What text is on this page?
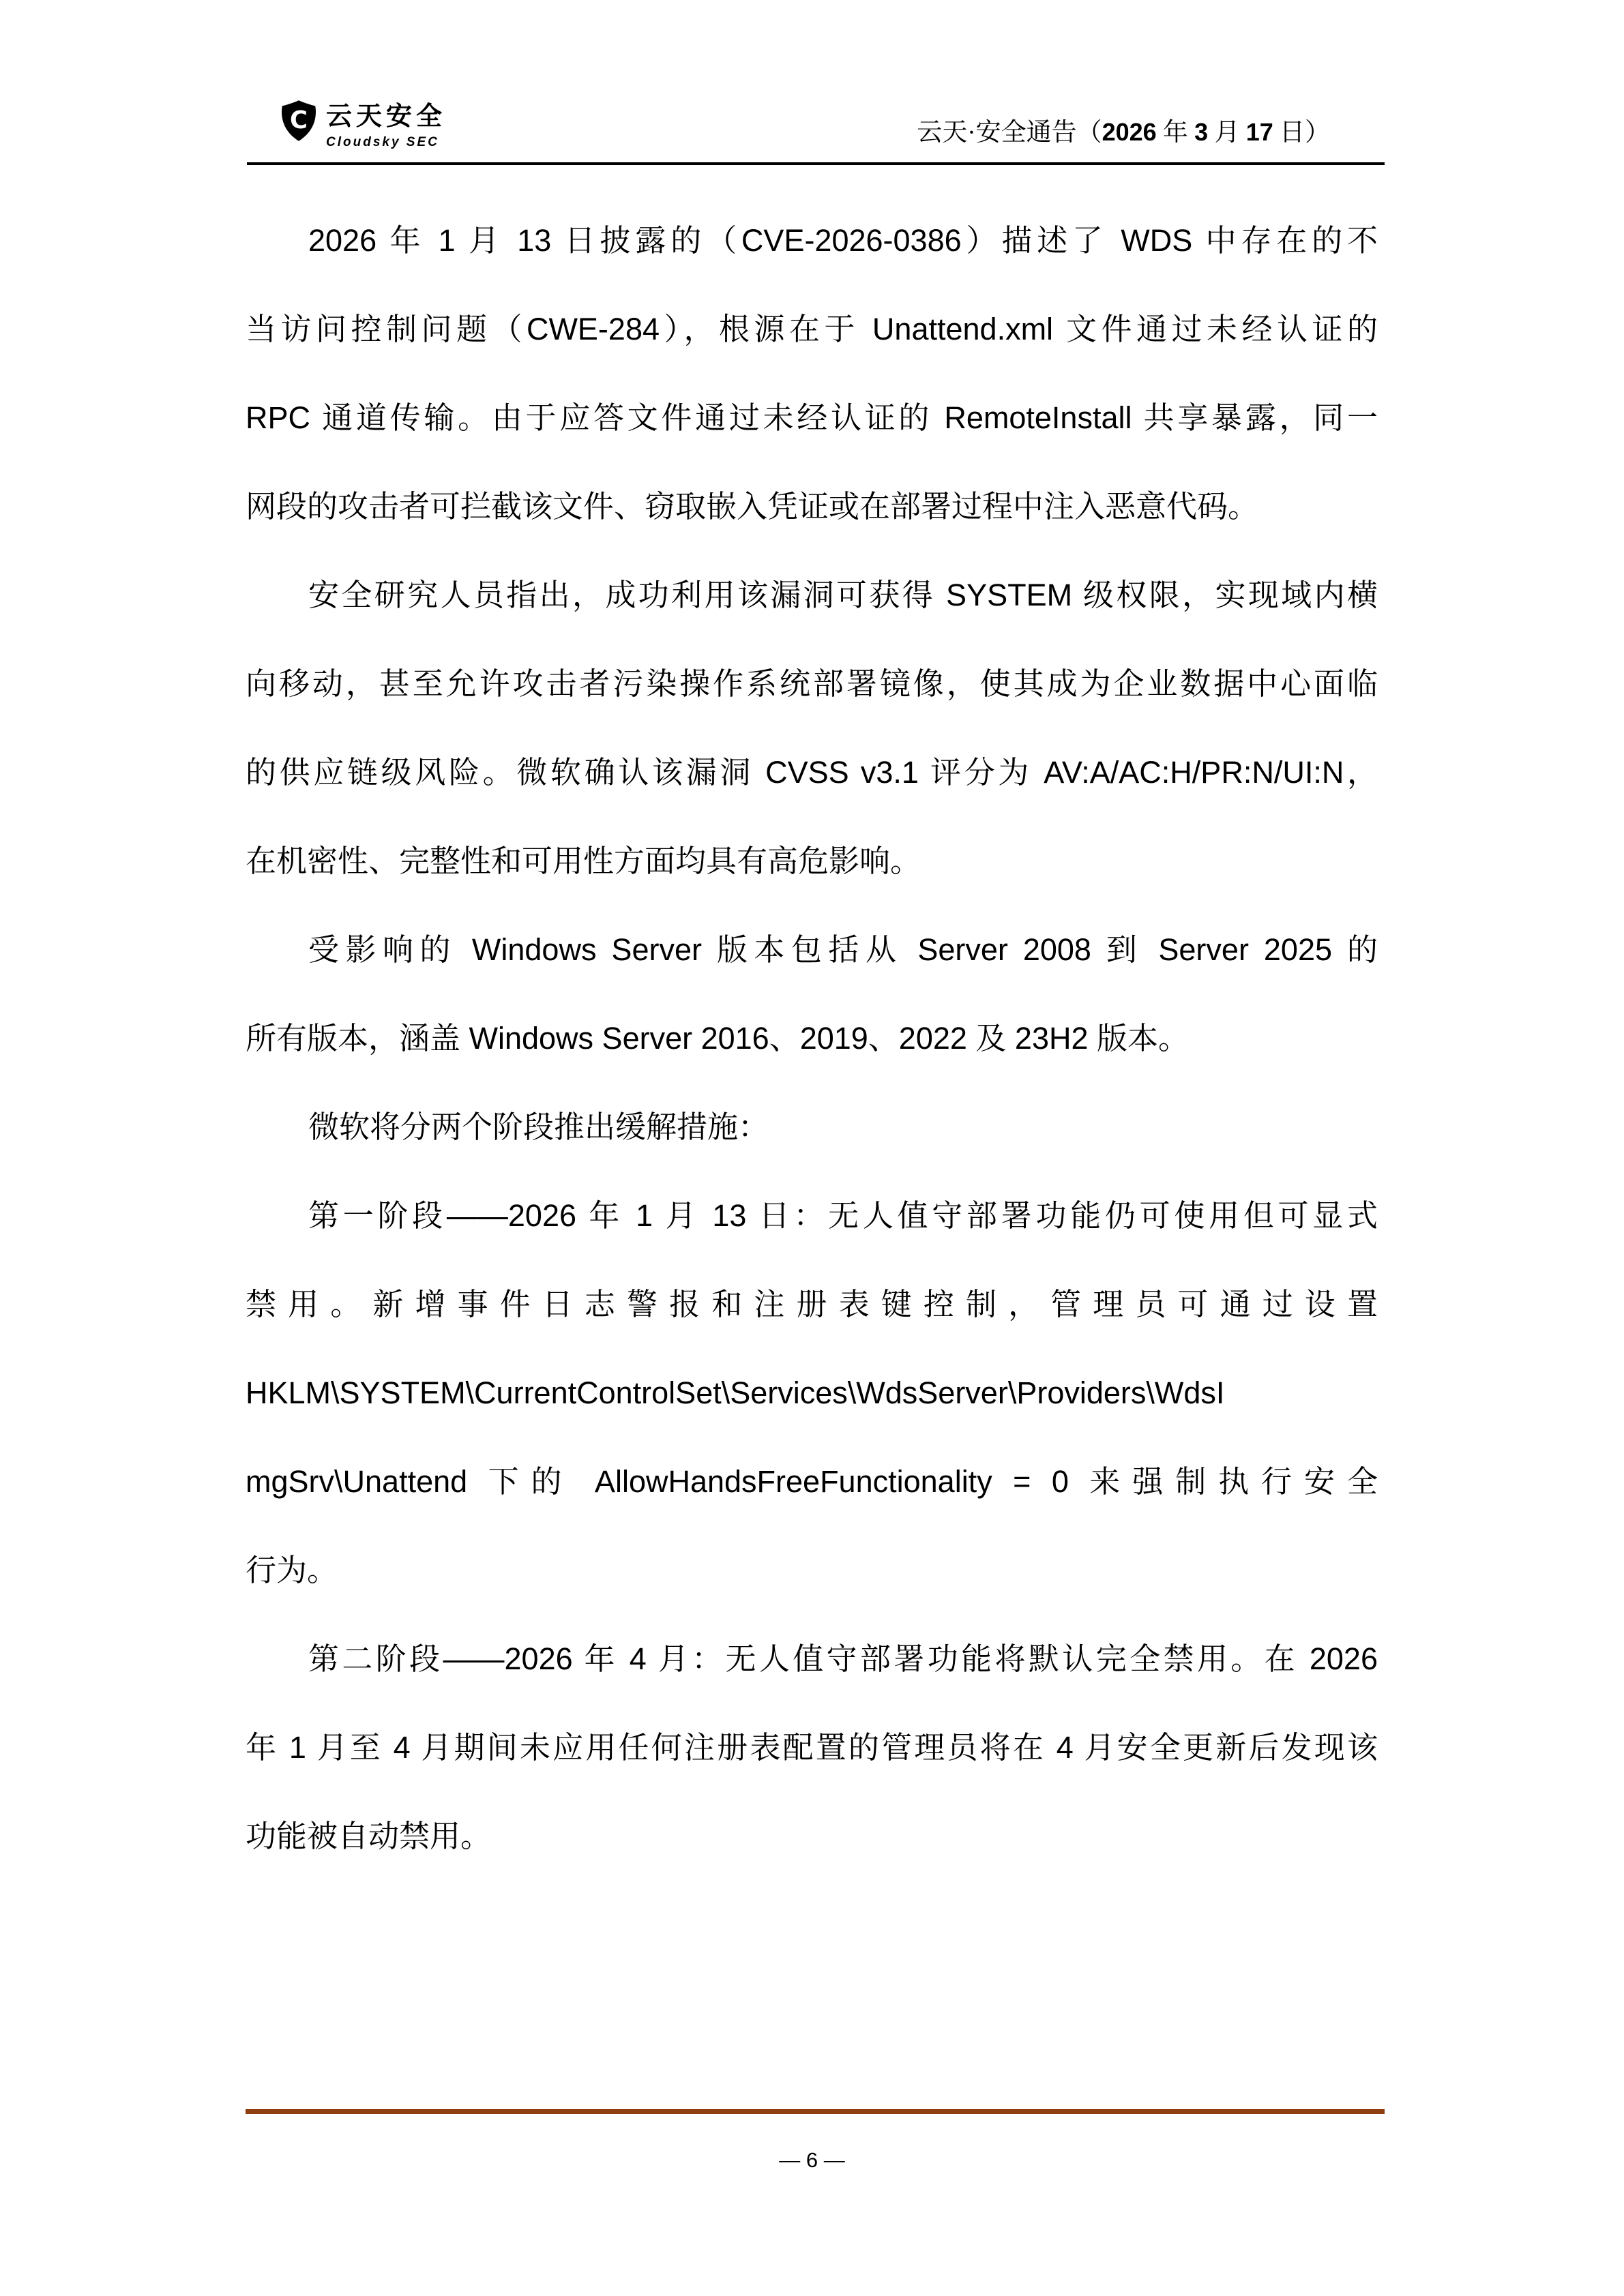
C 云天安全
Cloudsky SEC	云天·安全通告（2026 年 3 月 17 日）
2026 年 1 月 13 日披露的（CVE-2026-0386）描述了 WDS 中存在的不
当访问控制问题（CWE-284），根源在于 Unattend.xml 文件通过未经认证的
RPC 通道传输。由于应答文件通过未经认证的 RemoteInstall 共享暴露，同一
网段的攻击者可拦截该文件、窃取嵌入凭证或在部署过程中注入恶意代码。
安全研究人员指出，成功利用该漏洞可获得 SYSTEM 级权限，实现域内横
向移动，甚至允许攻击者污染操作系统部署镜像，使其成为企业数据中心面临
的供应链级风险。微软确认该漏洞 CVSS v3.1 评分为 AV:A/AC:H/PR:N/UI:N，
在机密性、完整性和可用性方面均具有高危影响。
受影响的 Windows Server 版本包括从 Server 2008 到 Server 2025 的
所有版本，涵盖 Windows Server 2016、2019、2022 及 23H2 版本。
微软将分两个阶段推出缓解措施：
第一阶段——2026 年 1 月 13 日：无人值守部署功能仍可使用但可显式
禁用。新增事件日志警报和注册表键控制，管理员可通过设置
HKLM\SYSTEM\CurrentControlSet\Services\WdsServer\Providers\WdsI
mgSrv\Unattend 下的 AllowHandsFreeFunctionality = 0 来强制执行安全
行为。
第二阶段——2026 年 4 月：无人值守部署功能将默认完全禁用。在 2026
年 1 月至 4 月期间未应用任何注册表配置的管理员将在 4 月安全更新后发现该
功能被自动禁用。
— 6 —
